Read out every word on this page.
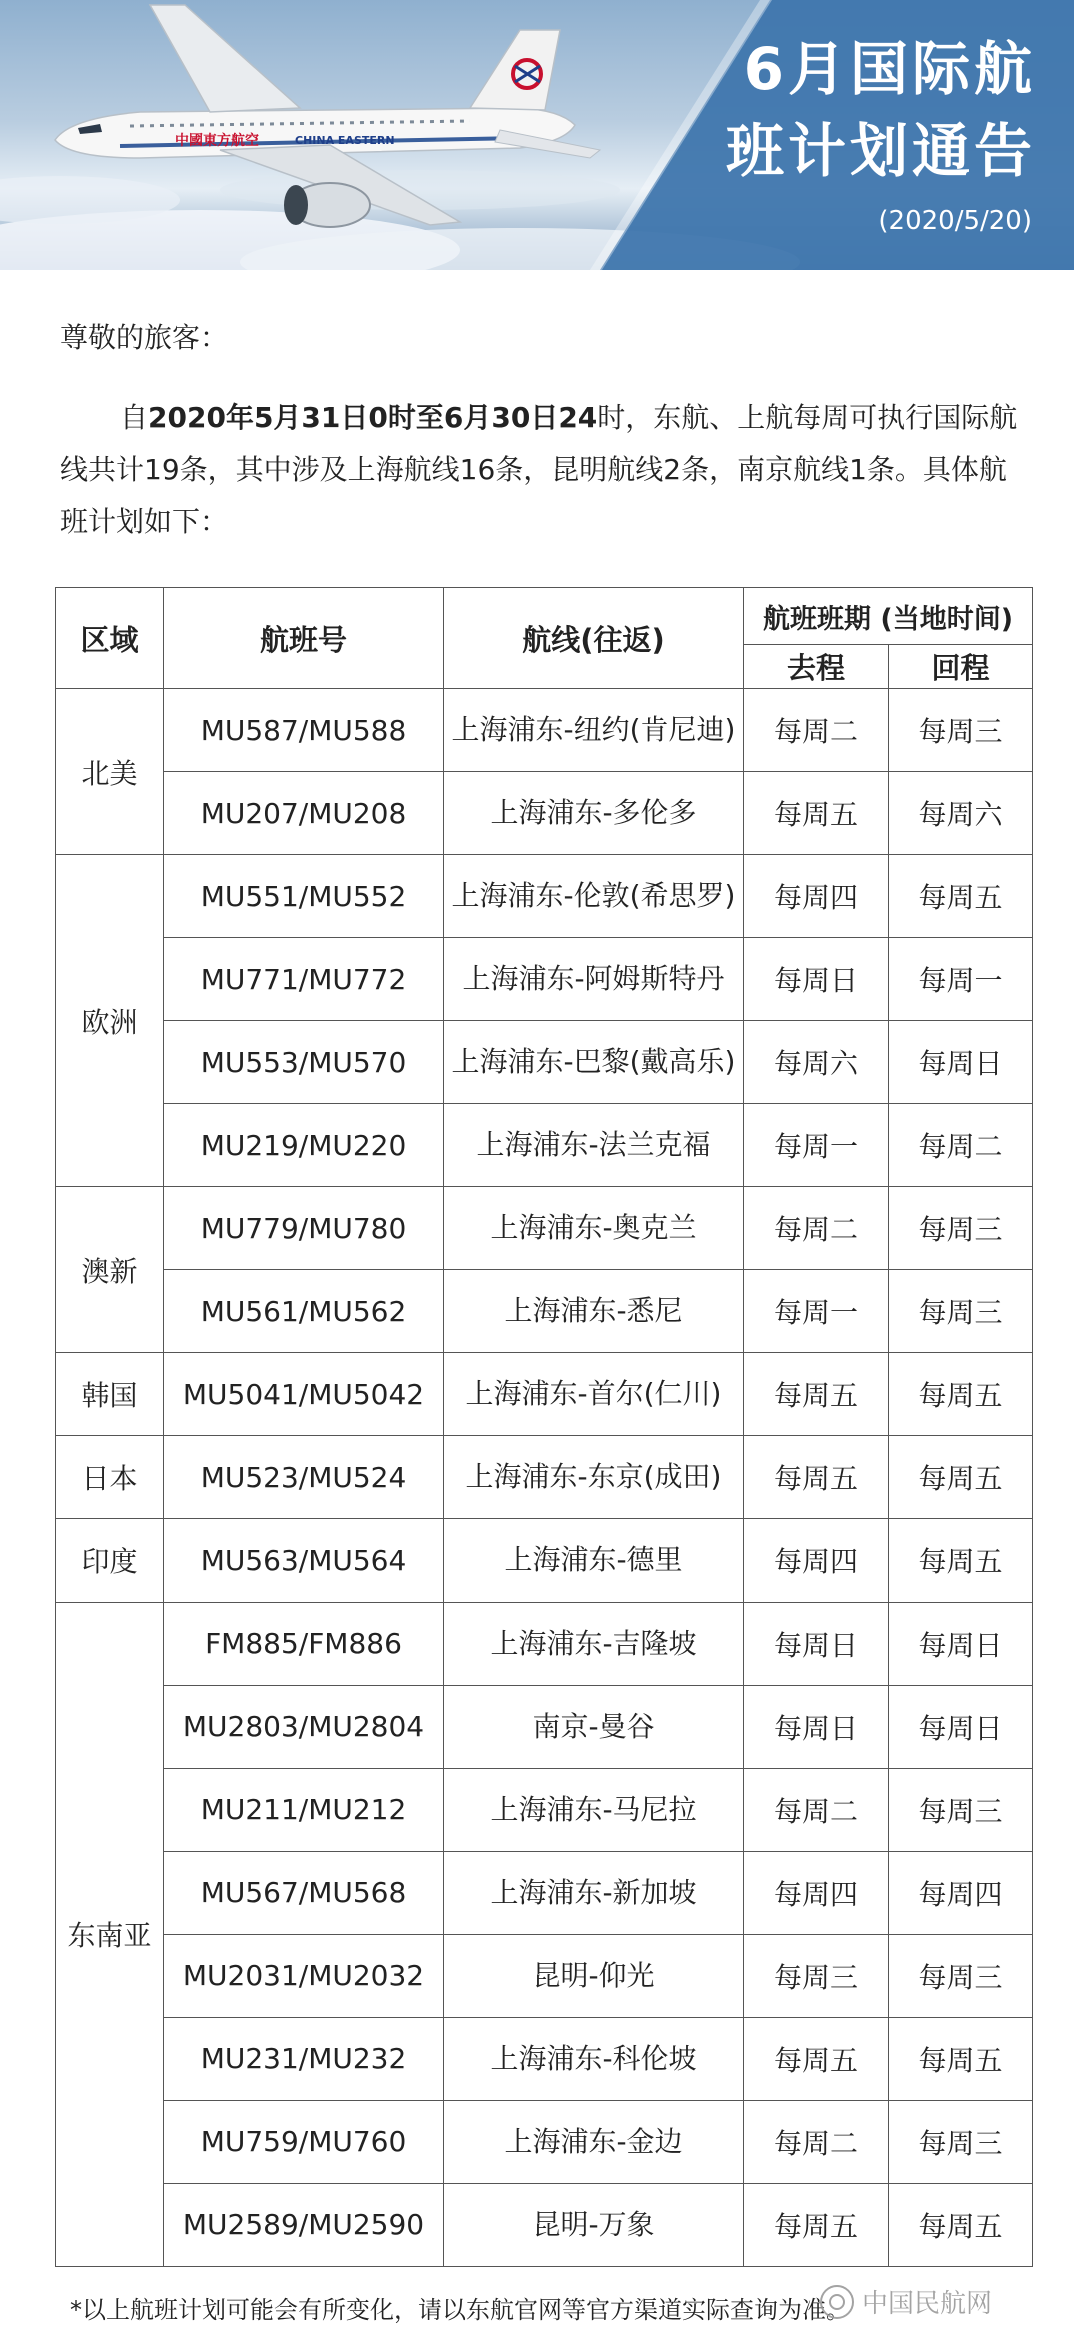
中國東方航空	CHINA EASTERN
6月国际航
班计划通告
(2020/5/20)
尊敬的旅客：
自2020年5月31日0时至6月30日24时，东航、上航每周可执行国际航线共计19条，其中涉及上海航线16条，昆明航线2条，南京航线1条。具体航班计划如下：
区域	航班号	航线(往返)	航班班期 (当地时间)	
			去程	回程
北美	MU587/MU588	上海浦东-纽约(肯尼迪)	每周二	每周三
	MU207/MU208	上海浦东-多伦多	每周五	每周六
欧洲	MU551/MU552	上海浦东-伦敦(希思罗)	每周四	每周五
	MU771/MU772	上海浦东-阿姆斯特丹	每周日	每周一
	MU553/MU570	上海浦东-巴黎(戴高乐)	每周六	每周日
	MU219/MU220	上海浦东-法兰克福	每周一	每周二
澳新	MU779/MU780	上海浦东-奥克兰	每周二	每周三
	MU561/MU562	上海浦东-悉尼	每周一	每周三
韩国	MU5041/MU5042	上海浦东-首尔(仁川)	每周五	每周五
日本	MU523/MU524	上海浦东-东京(成田)	每周五	每周五
印度	MU563/MU564	上海浦东-德里	每周四	每周五
东南亚	FM885/FM886	上海浦东-吉隆坡	每周日	每周日
	MU2803/MU2804	南京-曼谷	每周日	每周日
	MU211/MU212	上海浦东-马尼拉	每周二	每周三
	MU567/MU568	上海浦东-新加坡	每周四	每周四
	MU2031/MU2032	昆明-仰光	每周三	每周三
	MU231/MU232	上海浦东-科伦坡	每周五	每周五
	MU759/MU760	上海浦东-金边	每周二	每周三
	MU2589/MU2590	昆明-万象	每周五	每周五
*以上航班计划可能会有所变化，请以东航官网等官方渠道实际查询为准。 中国民航网
